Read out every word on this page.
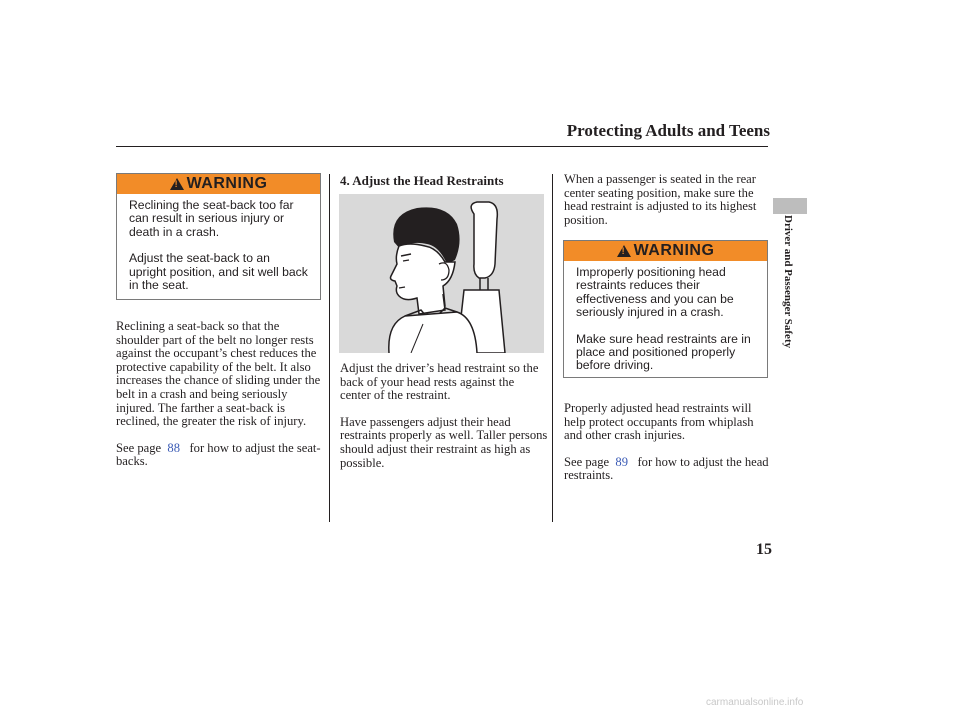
Protecting Adults and Teens
Driver and Passenger Safety
!
WARNING

Reclining the seat-back too far can result in serious injury or death in a crash.

Adjust the seat-back to an upright position, and sit well back in the seat.

Reclining a seat-back so that the shoulder part of the belt no longer rests against the occupant’s chest reduces the protective capability of the belt. It also increases the chance of sliding under the belt in a crash and being seriously injured. The farther a seat-back is reclined, the greater the risk of injury.

See page 88 for how to adjust the seat-backs.

4. Adjust the Head Restraints

Adjust the driver’s head restraint so the back of your head rests against the center of the restraint.

Have passengers adjust their head restraints properly as well. Taller persons should adjust their restraint as high as possible.

When a passenger is seated in the rear center seating position, make sure the head restraint is adjusted to its highest position.

!
WARNING

Improperly positioning head restraints reduces their effectiveness and you can be seriously injured in a crash.

Make sure head restraints are in place and positioned properly before driving.

Properly adjusted head restraints will help protect occupants from whiplash and other crash injuries.

See page 89 for how to adjust the head restraints.

15
carmanualsonline.info
